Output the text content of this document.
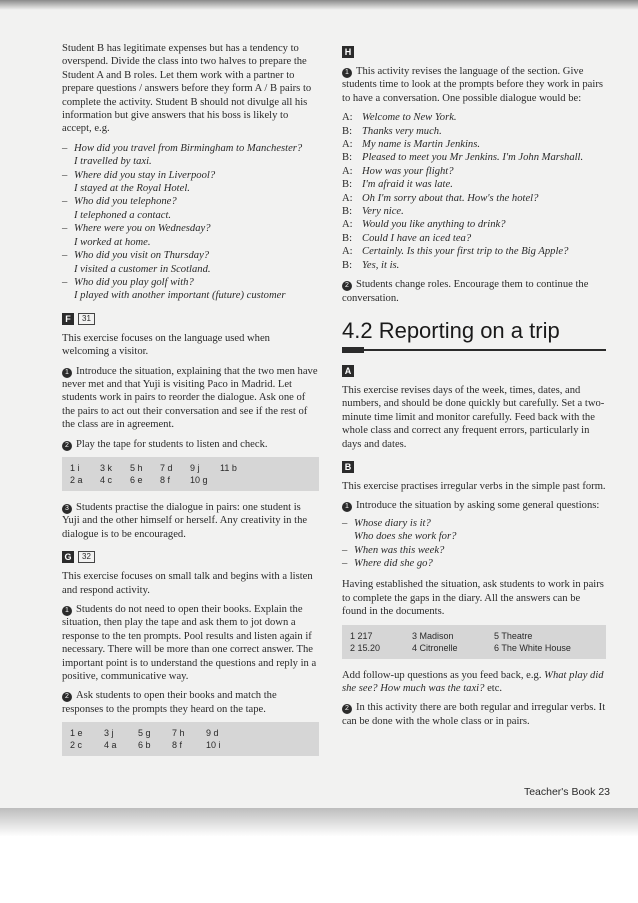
Student B has legitimate expenses but has a tendency to overspend. Divide the class into two halves to prepare the Student A and B roles. Let them work with a partner to prepare questions / answers before they form A / B pairs to complete the activity. Student B should not divulge all his information but give answers that his boss is likely to accept, e.g.

– How did you travel from Birmingham to Manchester?
I travelled by taxi.
– Where did you stay in Liverpool?
I stayed at the Royal Hotel.
– Who did you telephone?
I telephoned a contact.
– Where were you on Wednesday?
I worked at home.
– Who did you visit on Thursday?
I visited a customer in Scotland.
– Who did you play golf with?
I played with another important (future) customer
F 31

This exercise focuses on the language used when welcoming a visitor.

1 Introduce the situation, explaining that the two men have never met and that Yuji is visiting Paco in Madrid. Let students work in pairs to reorder the dialogue. Ask one of the pairs to act out their conversation and see if the rest of the class are in agreement.

2 Play the tape for students to listen and check.

1 i	3 k	5 h	7 d	9 j	11 b
2 a	4 c	6 e	8 f	10 g

3 Students practise the dialogue in pairs: one student is Yuji and the other himself or herself. Any creativity in the dialogue is to be encouraged.

G 32

This exercise focuses on small talk and begins with a listen and respond activity.

1 Students do not need to open their books. Explain the situation, then play the tape and ask them to jot down a response to the ten prompts. Pool results and listen again if necessary. There will be more than one correct answer. The important point is to understand the questions and reply in a positive, communicative way.

2 Ask students to open their books and match the responses to the prompts they heard on the tape.

1 e	3 j	5 g	7 h	9 d
2 c	4 a	6 b	8 f	10 i
H

1 This activity revises the language of the section. Give students time to look at the prompts before they work in pairs to have a conversation. One possible dialogue would be:

A: Welcome to New York.
B: Thanks very much.
A: My name is Martin Jenkins.
B: Pleased to meet you Mr Jenkins. I'm John Marshall.
A: How was your flight?
B: I'm afraid it was late.
A: Oh I'm sorry about that. How's the hotel?
B: Very nice.
A: Would you like anything to drink?
B: Could I have an iced tea?
A: Certainly. Is this your first trip to the Big Apple?
B: Yes, it is.

2 Students change roles. Encourage them to continue the conversation.

4.2 Reporting on a trip
A

This exercise revises days of the week, times, dates, and numbers, and should be done quickly but carefully. Set a two-minute time limit and monitor carefully. Feed back with the whole class and correct any frequent errors, particularly in days and dates.

B

This exercise practises irregular verbs in the simple past form.

1 Introduce the situation by asking some general questions:

– Whose diary is it?
Who does she work for?
– When was this week?
– Where did she go?

Having established the situation, ask students to work in pairs to complete the gaps in the diary. All the answers can be found in the documents.

1 217	3 Madison	5 Theatre
2 15.20	4 Citronelle	6 The White House

Add follow-up questions as you feed back, e.g. What play did she see? How much was the taxi? etc.

2 In this activity there are both regular and irregular verbs. It can be done with the whole class or in pairs.

Teacher's Book 23
